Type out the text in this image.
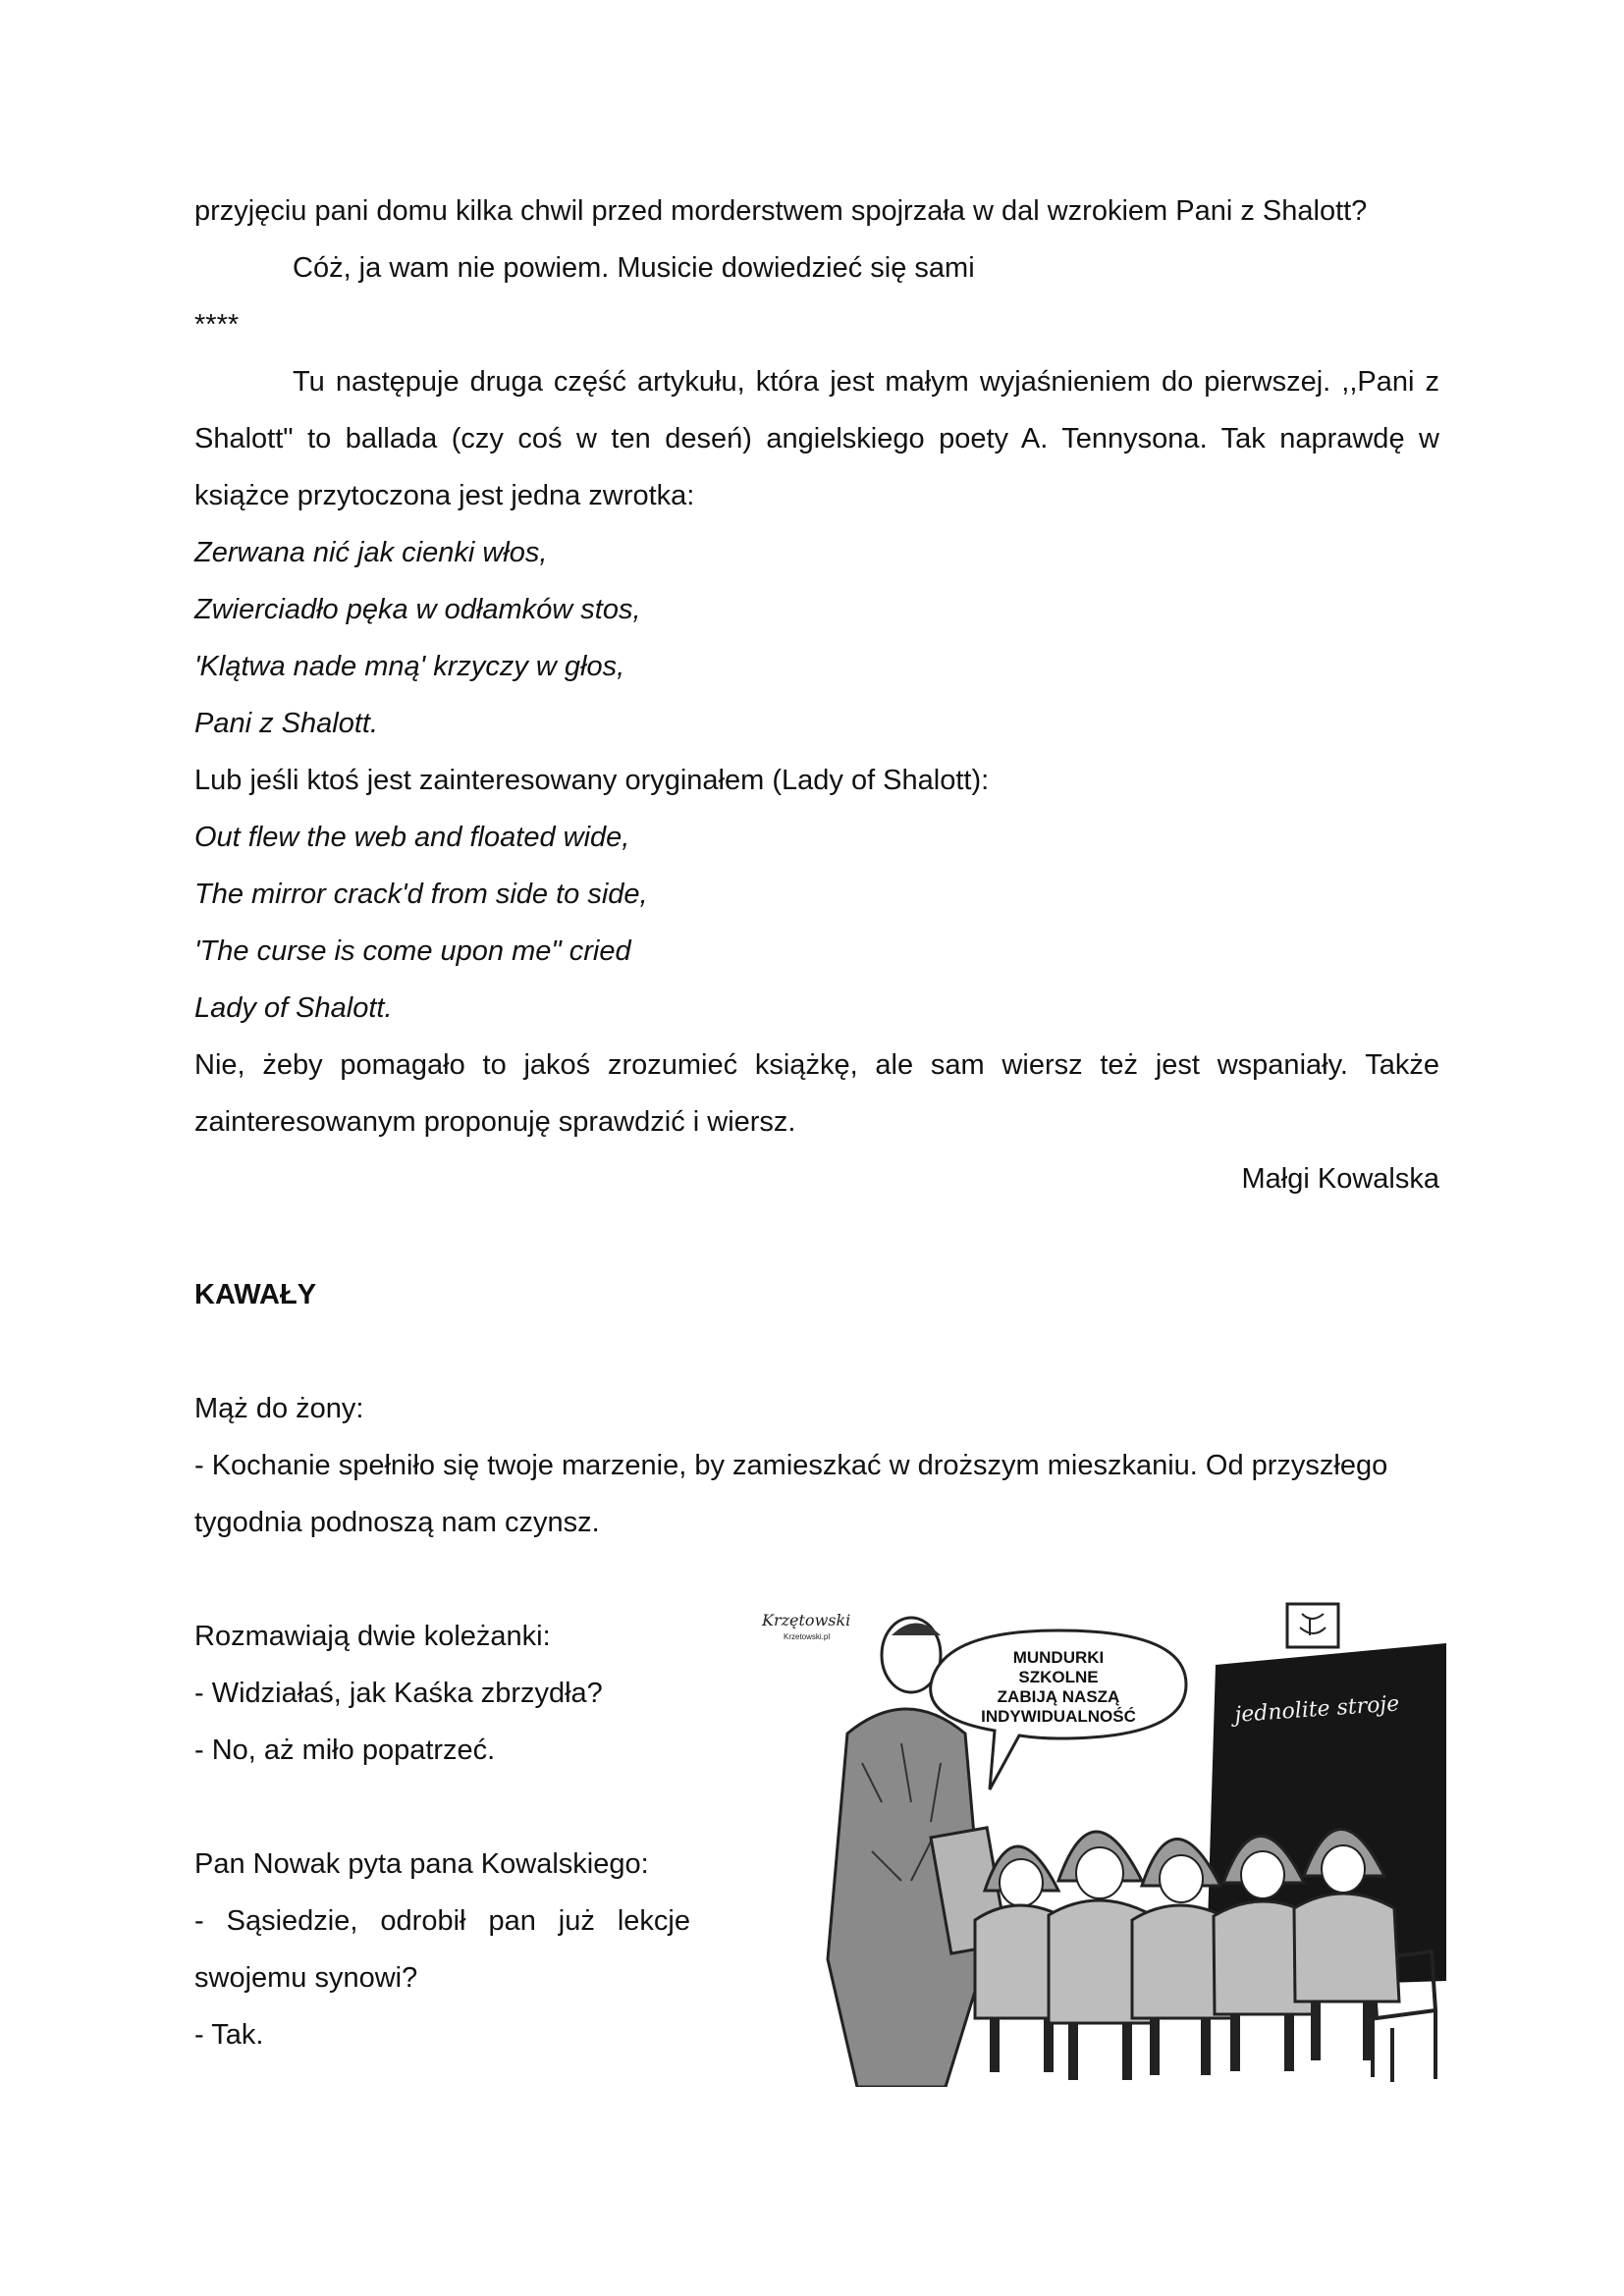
przyjęciu pani domu kilka chwil przed morderstwem spojrzała w dal wzrokiem Pani z Shalott?

Cóż, ja wam nie powiem. Musicie dowiedzieć się sami

****

Tu następuje druga część artykułu, która jest małym wyjaśnieniem do pierwszej. ,,Pani z Shalott" to ballada (czy coś w ten deseń) angielskiego poety A. Tennysona. Tak naprawdę w książce przytoczona jest jedna zwrotka:

Zerwana nić jak cienki włos,

Zwierciadło pęka w odłamków stos,

'Klątwa nade mną' krzyczy w głos,

Pani z Shalott.

Lub jeśli ktoś jest zainteresowany oryginałem (Lady of Shalott):

Out flew the web and floated wide,

The mirror crack'd from side to side,

'The curse is come upon me" cried

Lady of Shalott.

Nie, żeby pomagało to jakoś zrozumieć książkę, ale sam wiersz też jest wspaniały. Także zainteresowanym proponuję sprawdzić i wiersz.

Małgi Kowalska

KAWAŁY

Mąż do żony:

- Kochanie spełniło się twoje marzenie, by zamieszkać w droższym mieszkaniu. Od przyszłego tygodnia podnoszą nam czynsz.

Rozmawiają dwie koleżanki:

- Widziałaś, jak Kaśka zbrzydła?

- No, aż miło popatrzeć.

Pan Nowak pyta pana Kowalskiego:

- Sąsiedzie, odrobił pan już lekcje swojemu synowi?

- Tak.

jednolite stroje
MUNDURKI
SZKOLNE
ZABIJĄ NASZĄ
INDYWIDUALNOŚĆ
Krzętowski
Krzetowski.pl
